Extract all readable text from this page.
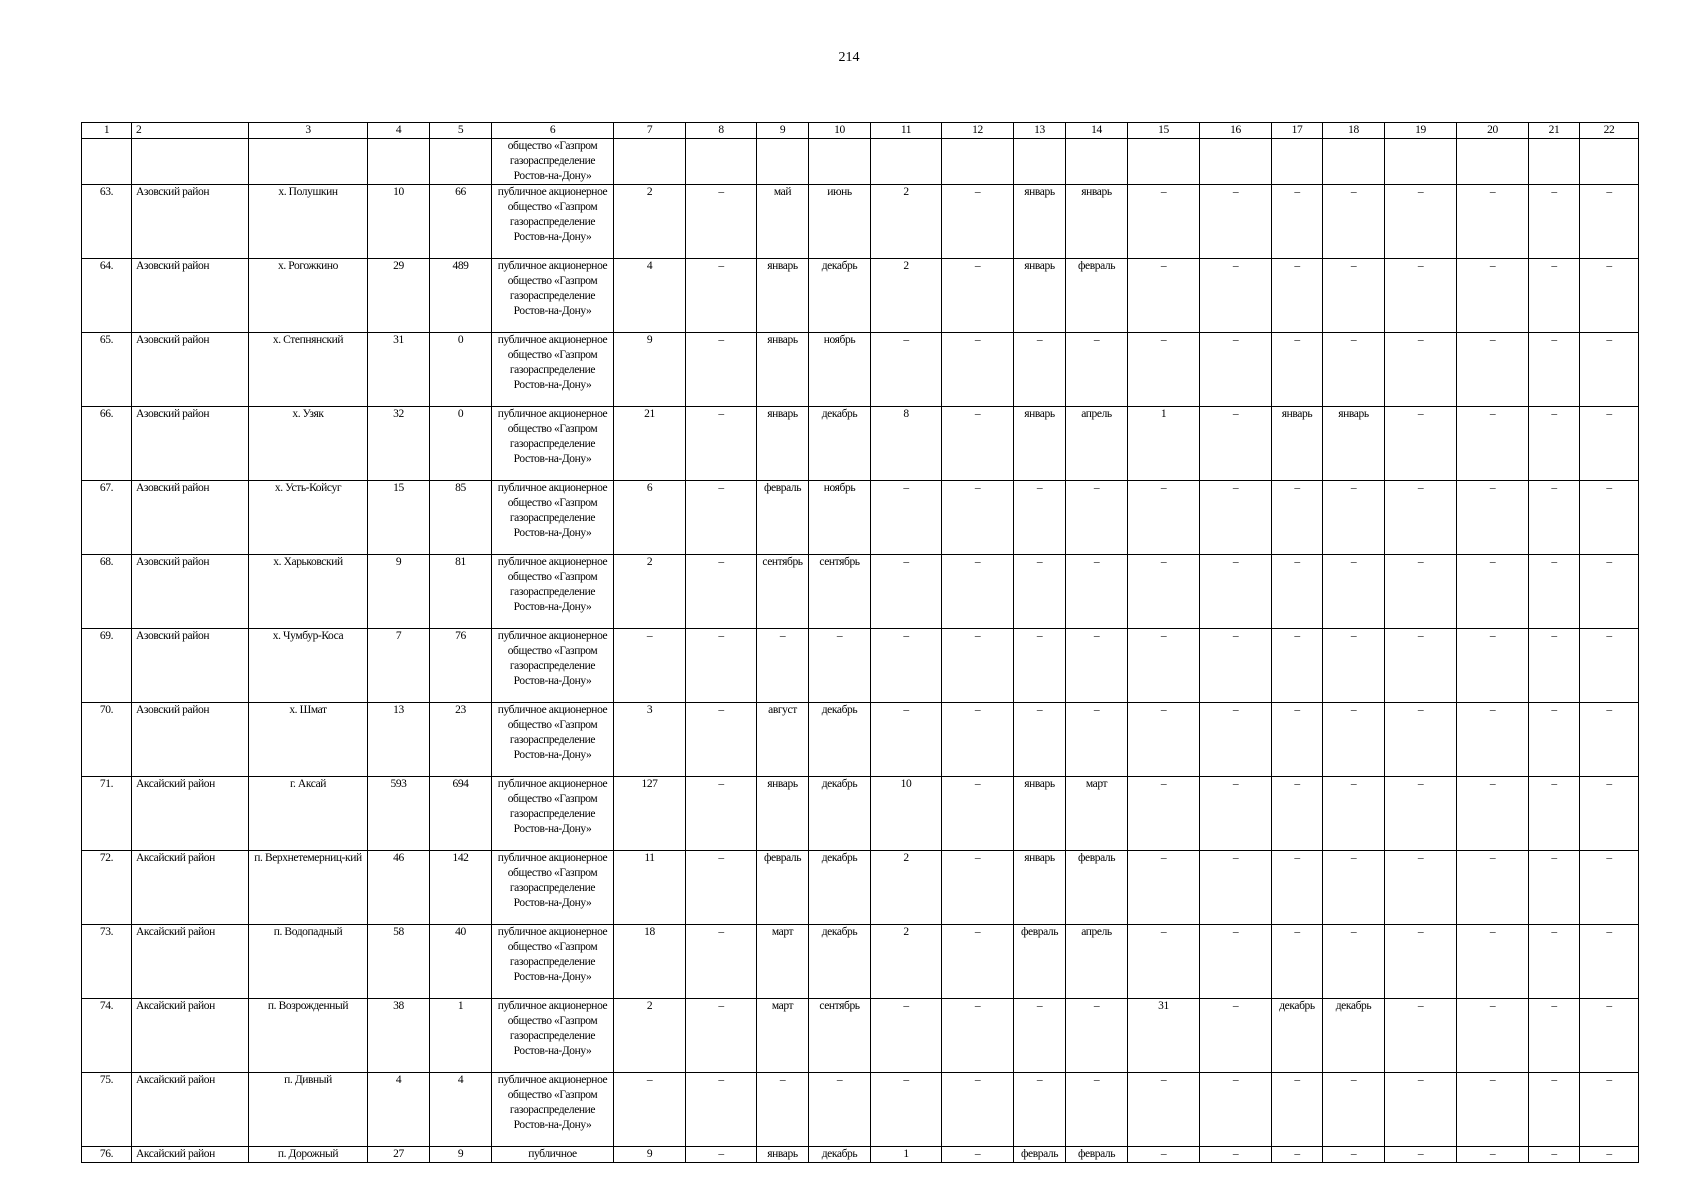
214
1	2	3	4	5	6	7	8	9	10	11	12	13	14	15	16	17	18	19	20	21	22
					общество «Газпром газораспределение Ростов-на-Дону»																
63.	Азовский район	х. Полушкин	10	66	публичное акционерное общество «Газпром газораспределение Ростов-на-Дону»	2	–	май	июнь	2	–	январь	январь	–	–	–	–	–	–	–	–
64.	Азовский район	х. Рогожкино	29	489	публичное акционерное общество «Газпром газораспределение Ростов-на-Дону»	4	–	январь	декабрь	2	–	январь	февраль	–	–	–	–	–	–	–	–
65.	Азовский район	х. Степнянский	31	0	публичное акционерное общество «Газпром газораспределение Ростов-на-Дону»	9	–	январь	ноябрь	–	–	–	–	–	–	–	–	–	–	–	–
66.	Азовский район	х. Узяк	32	0	публичное акционерное общество «Газпром газораспределение Ростов-на-Дону»	21	–	январь	декабрь	8	–	январь	апрель	1	–	январь	январь	–	–	–	–
67.	Азовский район	х. Усть-Койсуг	15	85	публичное акционерное общество «Газпром газораспределение Ростов-на-Дону»	6	–	февраль	ноябрь	–	–	–	–	–	–	–	–	–	–	–	–
68.	Азовский район	х. Харьковский	9	81	публичное акционерное общество «Газпром газораспределение Ростов-на-Дону»	2	–	сентябрь	сентябрь	–	–	–	–	–	–	–	–	–	–	–	–
69.	Азовский район	х. Чумбур-Коса	7	76	публичное акционерное общество «Газпром газораспределение Ростов-на-Дону»	–	–	–	–	–	–	–	–	–	–	–	–	–	–	–	–
70.	Азовский район	х. Шмат	13	23	публичное акционерное общество «Газпром газораспределение Ростов-на-Дону»	3	–	август	декабрь	–	–	–	–	–	–	–	–	–	–	–	–
71.	Аксайский район	г. Аксай	593	694	публичное акционерное общество «Газпром газораспределение Ростов-на-Дону»	127	–	январь	декабрь	10	–	январь	март	–	–	–	–	–	–	–	–
72.	Аксайский район	п. Верхнетемерниц-кий	46	142	публичное акционерное общество «Газпром газораспределение Ростов-на-Дону»	11	–	февраль	декабрь	2	–	январь	февраль	–	–	–	–	–	–	–	–
73.	Аксайский район	п. Водопадный	58	40	публичное акционерное общество «Газпром газораспределение Ростов-на-Дону»	18	–	март	декабрь	2	–	февраль	апрель	–	–	–	–	–	–	–	–
74.	Аксайский район	п. Возрожденный	38	1	публичное акционерное общество «Газпром газораспределение Ростов-на-Дону»	2	–	март	сентябрь	–	–	–	–	31	–	декабрь	декабрь	–	–	–	–
75.	Аксайский район	п. Дивный	4	4	публичное акционерное общество «Газпром газораспределение Ростов-на-Дону»	–	–	–	–	–	–	–	–	–	–	–	–	–	–	–	–
76.	Аксайский район	п. Дорожный	27	9	публичное	9	–	январь	декабрь	1	–	февраль	февраль	–	–	–	–	–	–	–	–
